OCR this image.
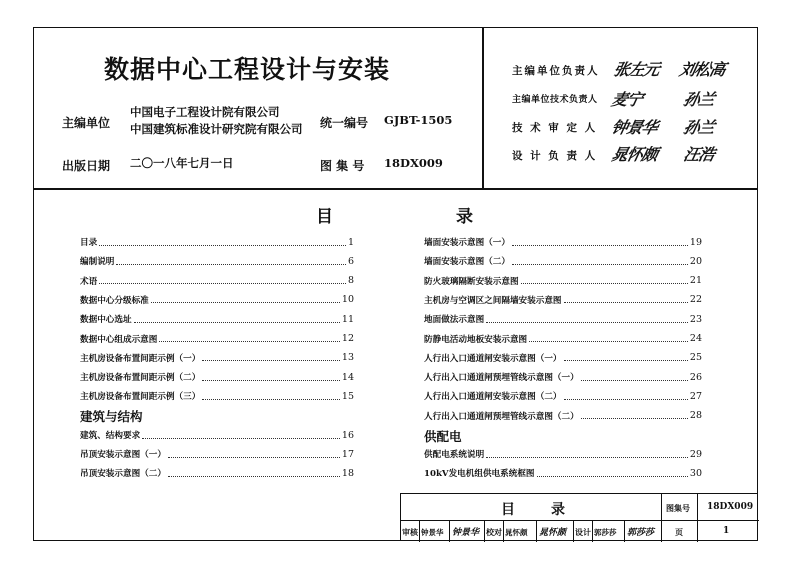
数据中心工程设计与安装
主编单位
中国电子工程设计院有限公司
中国建筑标准设计研究院有限公司 统一编号 GJBT-1505
出版日期 二〇一八年七月一日	图 集 号 18DX009
主编单位负责人 张左元 刘松高
主编单位技术负责人 麦宁 孙兰
技 术 审 定 人 钟景华 孙兰
设 计 负 责 人 晁怀颇 汪浩
目	录
目录	1
编制说明	6
术语	8
数据中心分级标准	10
数据中心选址	11
数据中心组成示意图	12
主机房设备布置间距示例（一）	13
主机房设备布置间距示例（二）	14
主机房设备布置间距示例（三）	15
建筑、结构要求	16
吊顶安装示意图（一）	17
吊顶安装示意图（二）	18
建筑与结构
墙面安装示意图（一）	19
墙面安装示意图（二）	20
防火玻璃隔断安装示意图	21
主机房与空调区之间隔墙安装示意图	22
地面做法示意图	23
防静电活动地板安装示意图	24
人行出入口通道闸安装示意图（一）	25
人行出入口通道闸预埋管线示意图（一）	26
人行出入口通道闸安装示意图（二）	27
人行出入口通道闸预埋管线示意图（二）	28
供配电系统说明	29
10kV发电机组供电系统框图	30
供配电
目	录	图集号 18DX009
审核 钟景华 钟景华 校对 晁怀颇 晁怀颇 设计 郭莎莎 郭莎莎	页	1
